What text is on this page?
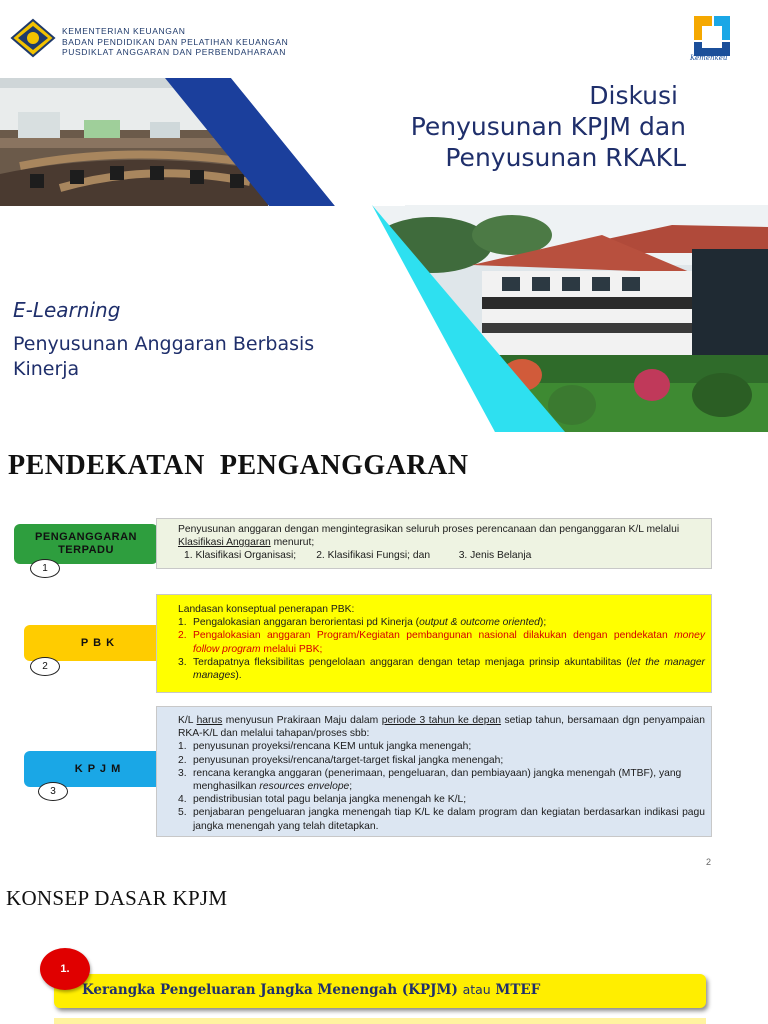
KEMENTERIAN KEUANGAN
BADAN PENDIDIKAN DAN PELATIHAN KEUANGAN
PUSDIKLAT ANGGARAN DAN PERBENDAHARAAN
Kemenkeu
Diskusi
Penyusunan KPJM dan
Penyusunan RKAKL
E-Learning
Penyusunan Anggaran Berbasis Kinerja
PENDEKATAN  PENGANGGARAN
PENGANGGARAN TERPADU
1
Penyusunan anggaran dengan mengintegrasikan seluruh proses perencanaan dan penganggaran K/L melalui Klasifikasi Anggaran menurut;
1. Klasifikasi Organisasi;       2. Klasifikasi Fungsi; dan          3. Jenis Belanja
P B K
2
Landasan konseptual penerapan PBK:
1. Pengalokasian anggaran berorientasi pd Kinerja (output & outcome oriented);
2. Pengalokasian anggaran Program/Kegiatan pembangunan nasional dilakukan dengan pendekatan money follow program melalui PBK;
3. Terdapatnya fleksibilitas pengelolaan anggaran dengan tetap menjaga prinsip akuntabilitas (let the manager manages).
K P J M
3
K/L harus menyusun Prakiraan Maju dalam periode 3 tahun ke depan setiap tahun, bersamaan dgn penyampaian RKA-K/L dan melalui tahapan/proses sbb:
1. penyusunan proyeksi/rencana KEM untuk jangka menengah;
2. penyusunan proyeksi/rencana/target-target fiskal jangka menengah;
3. rencana kerangka anggaran (penerimaan, pengeluaran, dan pembiayaan) jangka menengah (MTBF), yang menghasilkan resources envelope;
4. pendistribusian total pagu belanja jangka menengah ke K/L;
5. penjabaran pengeluaran jangka menengah tiap K/L ke dalam program dan kegiatan berdasarkan indikasi pagu jangka menengah yang telah ditetapkan.
2
KONSEP DASAR KPJM
Kerangka Pengeluaran Jangka Menengah (KPJM) atau MTEF
1.
